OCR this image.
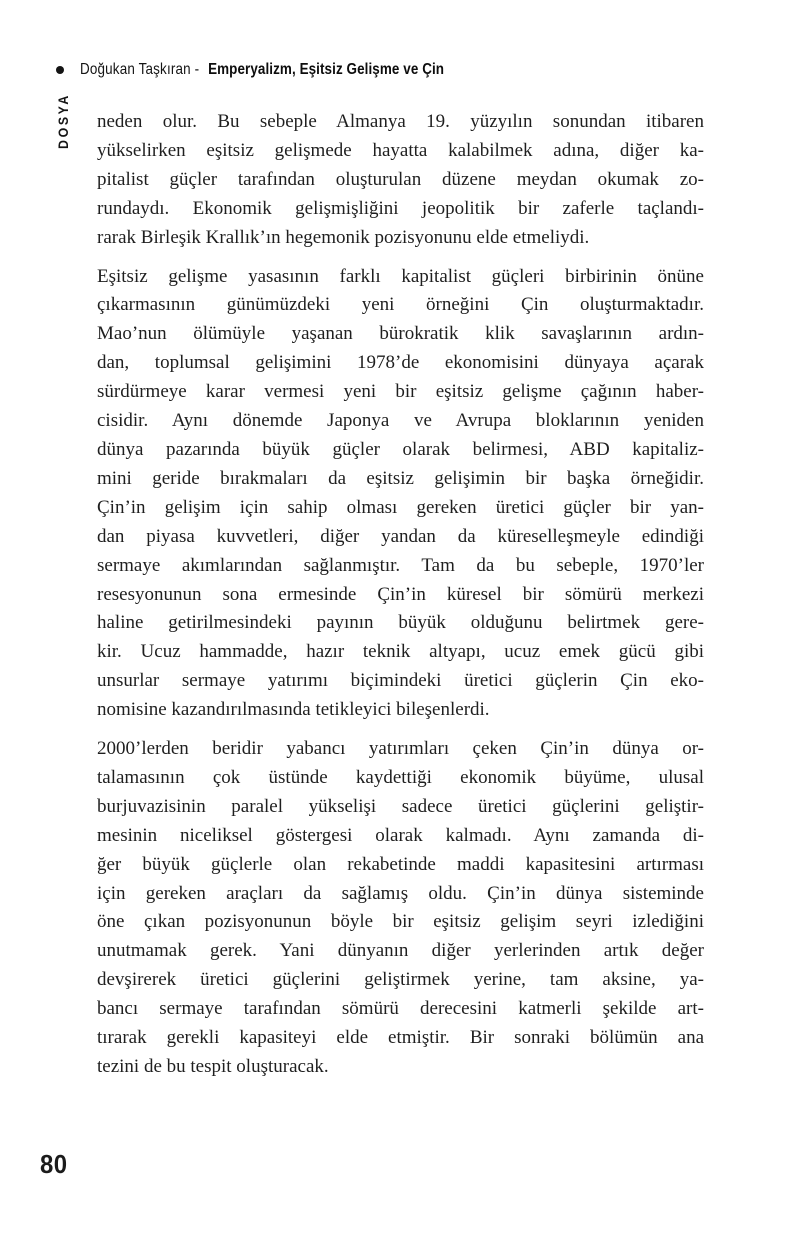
Doğukan Taşkıran - Emperyalizm, Eşitsiz Gelişme ve Çin
DOSYA neden olur. Bu sebeple Almanya 19. yüzyılın sonundan itibaren
yükselirken eşitsiz gelişmede hayatta kalabilmek adına, diğer ka-
pitalist güçler tarafından oluşturulan düzene meydan okumak zo-
rundaydı. Ekonomik gelişmişliğini jeopolitik bir zaferle taçlandı-
rarak Birleşik Krallık’ın hegemonik pozisyonunu elde etmeliydi.
Eşitsiz gelişme yasasının farklı kapitalist güçleri birbirinin önüne
çıkarmasının günümüzdeki yeni örneğini Çin oluşturmaktadır.
Mao’nun ölümüyle yaşanan bürokratik klik savaşlarının ardın-
dan, toplumsal gelişimini 1978’de ekonomisini dünyaya açarak
sürdürmeye karar vermesi yeni bir eşitsiz gelişme çağının haber-
cisidir. Aynı dönemde Japonya ve Avrupa bloklarının yeniden
dünya pazarında büyük güçler olarak belirmesi, ABD kapitaliz-
mini geride bırakmaları da eşitsiz gelişimin bir başka örneğidir.
Çin’in gelişim için sahip olması gereken üretici güçler bir yan-
dan piyasa kuvvetleri, diğer yandan da küreselleşmeyle edindiği
sermaye akımlarından sağlanmıştır. Tam da bu sebeple, 1970’ler
resesyonunun sona ermesinde Çin’in küresel bir sömürü merkezi
haline getirilmesindeki payının büyük olduğunu belirtmek gere-
kir. Ucuz hammadde, hazır teknik altyapı, ucuz emek gücü gibi
unsurlar sermaye yatırımı biçimindeki üretici güçlerin Çin eko-
nomisine kazandırılmasında tetikleyici bileşenlerdi.
2000’lerden beridir yabancı yatırımları çeken Çin’in dünya or-
talamasının çok üstünde kaydettiği ekonomik büyüme, ulusal
burjuvazisinin paralel yükselişi sadece üretici güçlerini geliştir-
mesinin niceliksel göstergesi olarak kalmadı. Aynı zamanda di-
ğer büyük güçlerle olan rekabetinde maddi kapasitesini artırması
için gereken araçları da sağlamış oldu. Çin’in dünya sisteminde
öne çıkan pozisyonunun böyle bir eşitsiz gelişim seyri izlediğini
unutmamak gerek. Yani dünyanın diğer yerlerinden artık değer
devşirerek üretici güçlerini geliştirmek yerine, tam aksine, ya-
bancı sermaye tarafından sömürü derecesini katmerli şekilde art-
tırarak gerekli kapasiteyi elde etmiştir. Bir sonraki bölümün ana
tezini de bu tespit oluşturacak.
80
